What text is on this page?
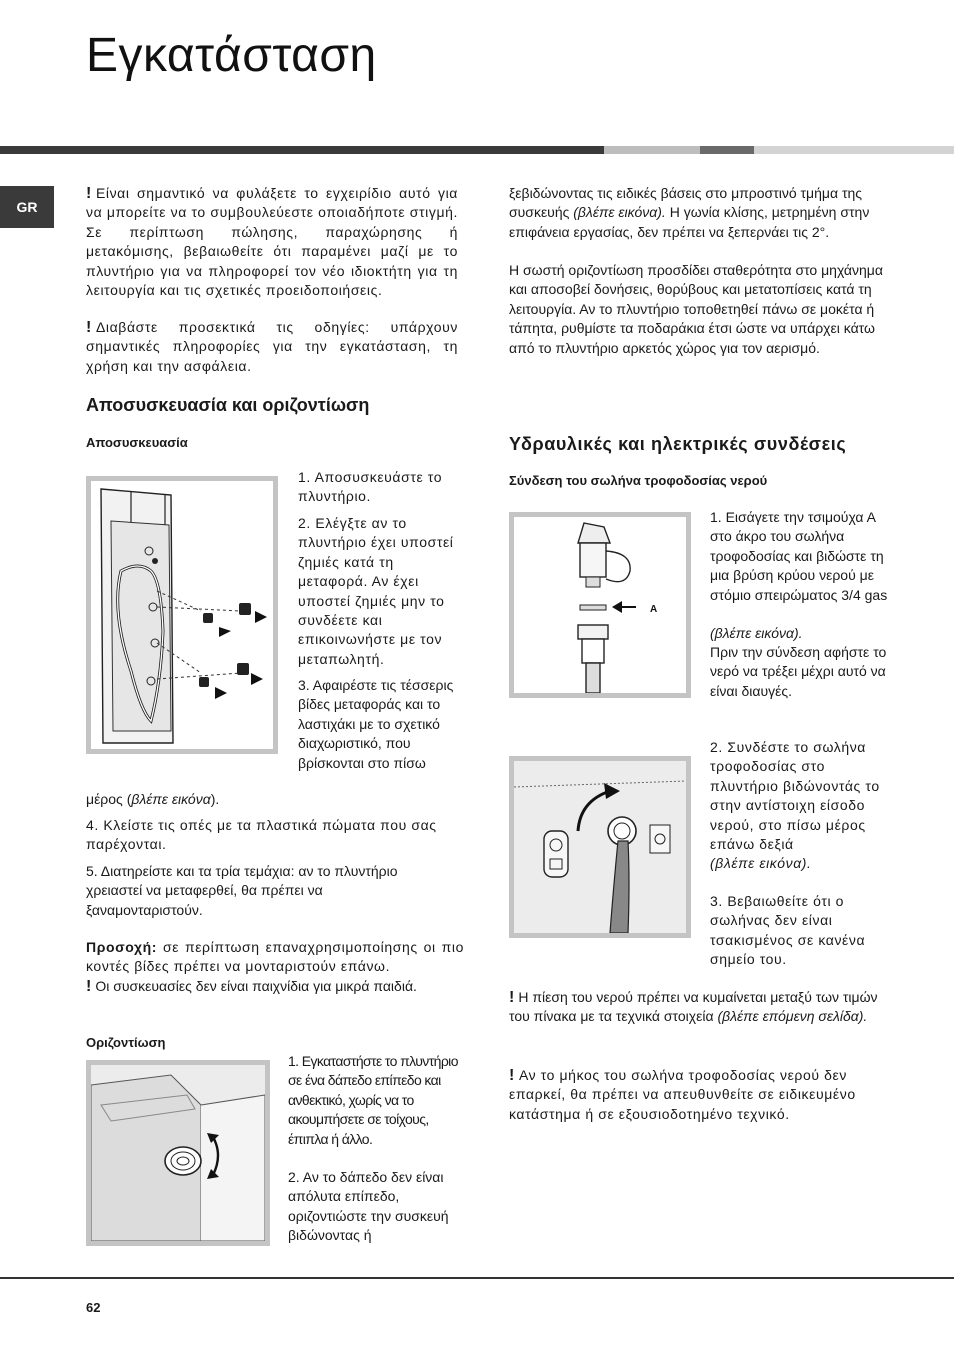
Εγκατάσταση
GR

! Είναι σημαντικό να φυλάξετε το εγχειρίδιο αυτό για να μπορείτε να το συμβουλεύεστε οποιαδήποτε στιγμή. Σε περίπτωση πώλησης, παραχώρησης ή μετακόμισης, βεβαιωθείτε ότι παραμένει μαζί με το πλυντήριο για να πληροφορεί τον νέο ιδιοκτήτη για τη λειτουργία και τις σχετικές προειδοποιήσεις.

! Διαβάστε προσεκτικά τις οδηγίες: υπάρχουν σημαντικές πληροφορίες για την εγκατάσταση, τη χρήση και την ασφάλεια.

Αποσυσκευασία και οριζοντίωση
Αποσυσκευασία

1. Αποσυσκευάστε το πλυντήριο.

2. Ελέγξτε αν το πλυντήριο έχει υποστεί ζημιές κατά τη μεταφορά. Αν έχει υποστεί ζημιές μην το συνδέετε και επικοινωνήστε με τον μεταπωλητή.

3. Αφαιρέστε τις τέσσερις βίδες μεταφοράς και το λαστιχάκι με το σχετικό διαχωριστικό, που βρίσκονται στο πίσω

μέρος (βλέπε εικόνα).

4. Κλείστε τις οπές με τα πλαστικά πώματα που σας παρέχονται.

5. Διατηρείστε και τα τρία τεμάχια: αν το πλυντήριο χρειαστεί να μεταφερθεί, θα πρέπει να ξαναμονταριστούν.

Προσοχή: σε περίπτωση επαναχρησιμοποίησης οι πιο κοντές βίδες πρέπει να μονταριστούν επάνω.

! Οι συσκευασίες δεν είναι παιχνίδια για μικρά παιδιά.

Οριζοντίωση

1. Εγκαταστήστε το πλυντήριο σε ένα δάπεδο επίπεδο και ανθεκτικό, χωρίς να το ακουμπήσετε σε τοίχους, έπιπλα ή άλλο.

2. Αν το δάπεδο δεν είναι απόλυτα επίπεδο, οριζοντιώστε την συσκευή βιδώνοντας ή

ξεβιδώνοντας τις ειδικές βάσεις στο μπροστινό τμήμα της συσκευής (βλέπε εικόνα). Η γωνία κλίσης, μετρημένη στην επιφάνεια εργασίας, δεν πρέπει να ξεπερνάει τις 2°.

Η σωστή οριζοντίωση προσδίδει σταθερότητα στο μηχάνημα και αποσοβεί δονήσεις, θορύβους και μετατοπίσεις κατά τη λειτουργία. Αν το πλυντήριο τοποθετηθεί πάνω σε μοκέτα ή τάπητα, ρυθμίστε τα ποδαράκια έτσι ώστε να υπάρχει κάτω από το πλυντήριο αρκετός χώρος για τον αερισμό.

Υδραυλικές και ηλεκτρικές συνδέσεις
Σύνδεση του σωλήνα τροφοδοσίας νερού
A

1. Εισάγετε την τσιμούχα Α στο άκρο του σωλήνα τροφοδοσίας και βιδώστε τη μια βρύση κρύου νερού με στόμιο σπειρώματος 3/4 gas

(βλέπε εικόνα).

Πριν την σύνδεση αφήστε το νερό να τρέξει μέχρι αυτό να είναι διαυγές.

2. Συνδέστε το σωλήνα τροφοδοσίας στο πλυντήριο βιδώνοντάς το στην αντίστοιχη είσοδο νερού, στο πίσω μέρος επάνω δεξιά

(βλέπε εικόνα).

3. Βεβαιωθείτε ότι ο σωλήνας δεν είναι τσακισμένος σε κανένα σημείο του.

! Η πίεση του νερού πρέπει να κυμαίνεται μεταξύ των τιμών του πίνακα με τα τεχνικά στοιχεία (βλέπε επόμενη σελίδα).

! Αν το μήκος του σωλήνα τροφοδοσίας νερού δεν επαρκεί, θα πρέπει να απευθυνθείτε σε ειδικευμένο κατάστημα ή σε εξουσιοδοτημένο τεχνικό.

62
